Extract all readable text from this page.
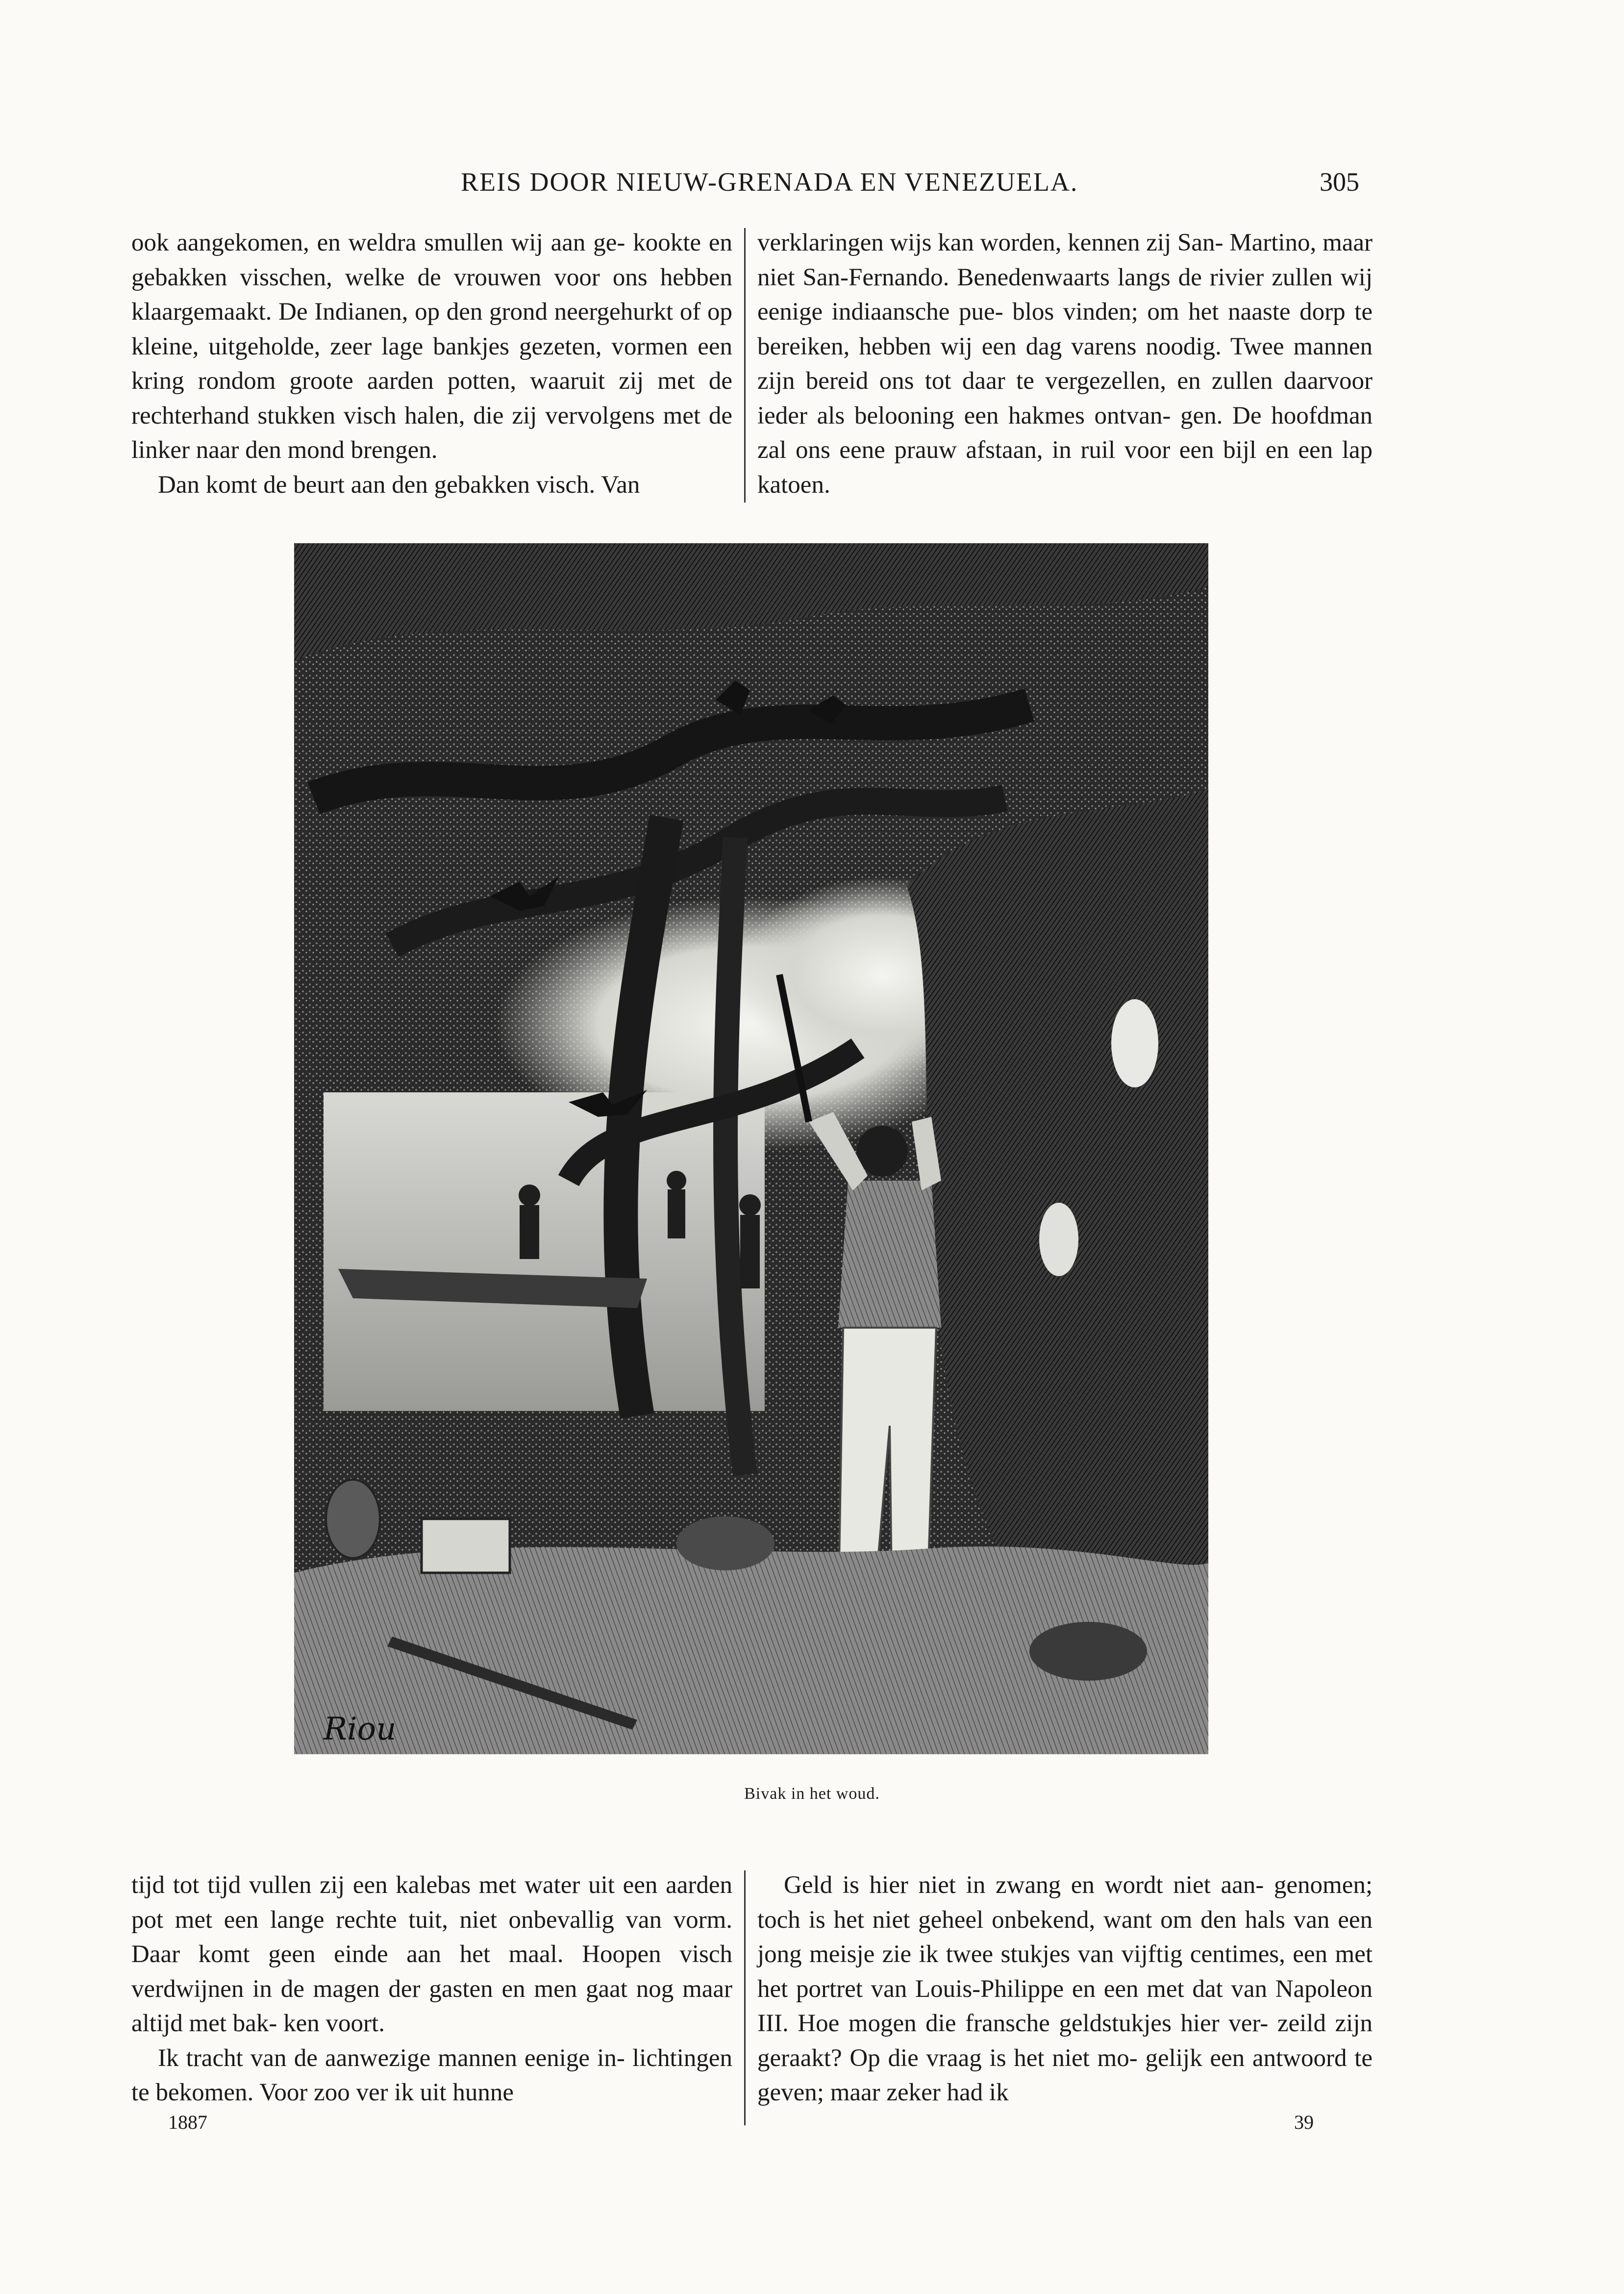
REIS DOOR NIEUW-GRENADA EN VENEZUELA.	305

ook aangekomen, en weldra smullen wij aan ge- kookte en gebakken visschen, welke de vrouwen voor ons hebben klaargemaakt. De Indianen, op den grond neergehurkt of op kleine, uitgeholde, zeer lage bankjes gezeten, vormen een kring rondom groote aarden potten, waaruit zij met de rechterhand stukken visch halen, die zij vervolgens met de linker naar den mond brengen.

Dan komt de beurt aan den gebakken visch. Van

verklaringen wijs kan worden, kennen zij San- Martino, maar niet San-Fernando. Benedenwaarts langs de rivier zullen wij eenige indiaansche pue- blos vinden; om het naaste dorp te bereiken, hebben wij een dag varens noodig. Twee mannen zijn bereid ons tot daar te vergezellen, en zullen daarvoor ieder als belooning een hakmes ontvan- gen. De hoofdman zal ons eene prauw afstaan, in ruil voor een bijl en een lap katoen.

Riou
Bivak in het woud.

tijd tot tijd vullen zij een kalebas met water uit een aarden pot met een lange rechte tuit, niet onbevallig van vorm. Daar komt geen einde aan het maal. Hoopen visch verdwijnen in de magen der gasten en men gaat nog maar altijd met bak- ken voort.

Ik tracht van de aanwezige mannen eenige in- lichtingen te bekomen. Voor zoo ver ik uit hunne

Geld is hier niet in zwang en wordt niet aan- genomen; toch is het niet geheel onbekend, want om den hals van een jong meisje zie ik twee stukjes van vijftig centimes, een met het portret van Louis-Philippe en een met dat van Napoleon III. Hoe mogen die fransche geldstukjes hier ver- zeild zijn geraakt? Op die vraag is het niet mo- gelijk een antwoord te geven; maar zeker had ik

1887	39
